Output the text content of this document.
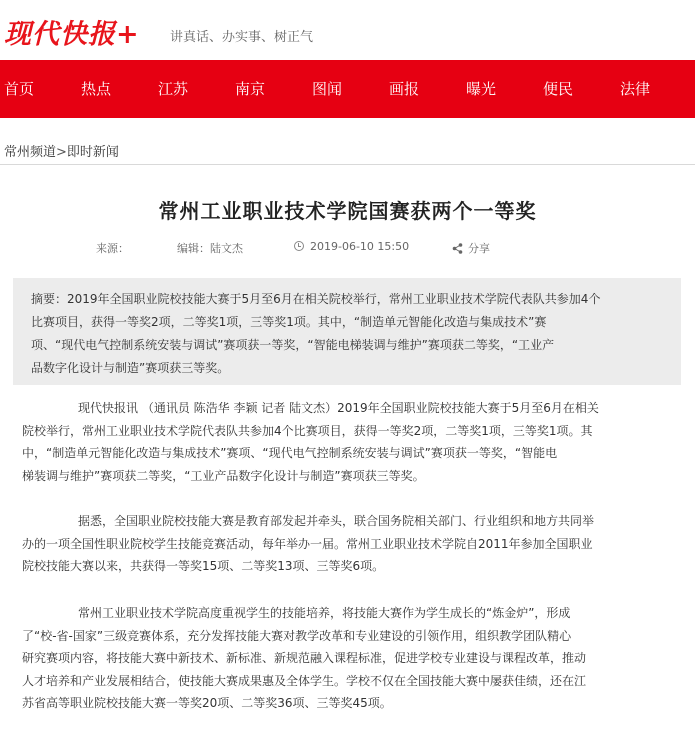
现代快报+ 讲真话、办实事、树正气
首页	热点	江苏	南京	图闻	画报	曝光	便民	法律
常州频道>即时新闻
常州工业职业技术学院国赛获两个一等奖
来源：	编辑：陆文杰	2019-06-10 15:50	分享
摘要：2019年全国职业院校技能大赛于5月至6月在相关院校举行，常州工业职业技术学院代表队共参加4个
比赛项目，获得一等奖2项，二等奖1项，三等奖1项。其中，“制造单元智能化改造与集成技术”赛
项、“现代电气控制系统安装与调试”赛项获一等奖，“智能电梯装调与维护”赛项获二等奖，“工业产
品数字化设计与制造”赛项获三等奖。
现代快报讯 （通讯员 陈浩华 李颖 记者 陆文杰）2019年全国职业院校技能大赛于5月至6月在相关
院校举行，常州工业职业技术学院代表队共参加4个比赛项目，获得一等奖2项，二等奖1项，三等奖1项。其
中，“制造单元智能化改造与集成技术”赛项、“现代电气控制系统安装与调试”赛项获一等奖，“智能电
梯装调与维护”赛项获二等奖，“工业产品数字化设计与制造”赛项获三等奖。
据悉，全国职业院校技能大赛是教育部发起并牵头，联合国务院相关部门、行业组织和地方共同举
办的一项全国性职业院校学生技能竞赛活动，每年举办一届。常州工业职业技术学院自2011年参加全国职业
院校技能大赛以来，共获得一等奖15项、二等奖13项、三等奖6项。
常州工业职业技术学院高度重视学生的技能培养，将技能大赛作为学生成长的“炼金炉”，形成
了“校-省-国家”三级竞赛体系，充分发挥技能大赛对教学改革和专业建设的引领作用，组织教学团队精心
研究赛项内容，将技能大赛中新技术、新标准、新规范融入课程标准，促进学校专业建设与课程改革，推动
人才培养和产业发展相结合，使技能大赛成果惠及全体学生。学校不仅在全国技能大赛中屡获佳绩，还在江
苏省高等职业院校技能大赛一等奖20项、二等奖36项、三等奖45项。
